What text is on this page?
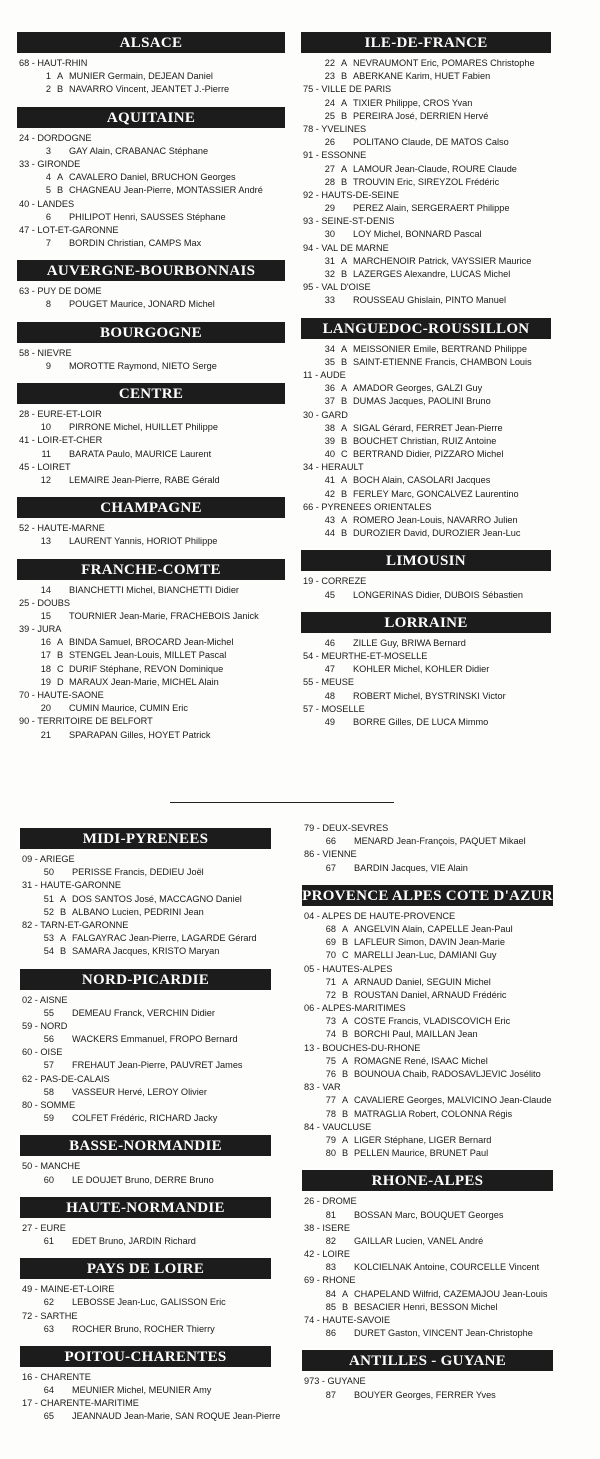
ALSACE
68 - HAUT-RHIN
1 A MUNIER Germain, DEJEAN Daniel
2 B NAVARRO Vincent, JEANTET J.-Pierre
AQUITAINE
24 - DORDOGNE
3 GAY Alain, CRABANAC Stéphane
33 - GIRONDE
4 A CAVALERO Daniel, BRUCHON Georges
5 B CHAGNEAU Jean-Pierre, MONTASSIER André
40 - LANDES
6 PHILIPOT Henri, SAUSSES Stéphane
47 - LOT-ET-GARONNE
7 BORDIN Christian, CAMPS Max
AUVERGNE-BOURBONNAIS
63 - PUY DE DOME
8 POUGET Maurice, JONARD Michel
BOURGOGNE
58 - NIEVRE
9 MOROTTE Raymond, NIETO Serge
CENTRE
28 - EURE-ET-LOIR
10 PIRRONE Michel, HUILLET Philippe
41 - LOIR-ET-CHER
11 BARATA Paulo, MAURICE Laurent
45 - LOIRET
12 LEMAIRE Jean-Pierre, RABE Gérald
CHAMPAGNE
52 - HAUTE-MARNE
13 LAURENT Yannis, HORIOT Philippe
FRANCHE-COMTE
14 BIANCHETTI Michel, BIANCHETTI Didier
25 - DOUBS
15 TOURNIER Jean-Marie, FRACHEBOIS Janick
39 - JURA
16 A BINDA Samuel, BROCARD Jean-Michel
17 B STENGEL Jean-Louis, MILLET Pascal
18 C DURIF Stéphane, REVON Dominique
19 D MARAUX Jean-Marie, MICHEL Alain
70 - HAUTE-SAONE
20 CUMIN Maurice, CUMIN Eric
90 - TERRITOIRE DE BELFORT
21 SPARAPAN Gilles, HOYET Patrick
ILE-DE-FRANCE
22 A NEVRAUMONT Eric, POMARES Christophe
23 B ABERKANE Karim, HUET Fabien
75 - VILLE DE PARIS
24 A TIXIER Philippe, CROS Yvan
25 B PEREIRA José, DERRIEN Hervé
78 - YVELINES
26 POLITANO Claude, DE MATOS Calso
91 - ESSONNE
27 A LAMOUR Jean-Claude, ROURE Claude
28 B TROUVIN Eric, SIREYZOL Frédéric
92 - HAUTS-DE-SEINE
29 PEREZ Alain, SERGERAERT Philippe
93 - SEINE-ST-DENIS
30 LOY Michel, BONNARD Pascal
94 - VAL DE MARNE
31 A MARCHENOIR Patrick, VAYSSIER Maurice
32 B LAZERGES Alexandre, LUCAS Michel
95 - VAL D'OISE
33 ROUSSEAU Ghislain, PINTO Manuel
LANGUEDOC-ROUSSILLON
34 A MEISSONIER Emile, BERTRAND Philippe
35 B SAINT-ETIENNE Francis, CHAMBON Louis
11 - AUDE
36 A AMADOR Georges, GALZI Guy
37 B DUMAS Jacques, PAOLINI Bruno
30 - GARD
38 A SIGAL Gérard, FERRET Jean-Pierre
39 B BOUCHET Christian, RUIZ Antoine
40 C BERTRAND Didier, PIZZARO Michel
34 - HERAULT
41 A BOCH Alain, CASOLARI Jacques
42 B FERLEY Marc, GONCALVEZ Laurentino
66 - PYRENEES ORIENTALES
43 A ROMERO Jean-Louis, NAVARRO Julien
44 B DUROZIER David, DUROZIER Jean-Luc
LIMOUSIN
19 - CORREZE
45 LONGERINAS Didier, DUBOIS Sébastien
LORRAINE
46 ZILLE Guy, BRIWA Bernard
54 - MEURTHE-ET-MOSELLE
47 KOHLER Michel, KOHLER Didier
55 - MEUSE
48 ROBERT Michel, BYSTRINSKI Victor
57 - MOSELLE
49 BORRE Gilles, DE LUCA Mimmo
MIDI-PYRENEES
09 - ARIEGE
50 PERISSE Francis, DEDIEU Joël
31 - HAUTE-GARONNE
51 A DOS SANTOS José, MACCAGNO Daniel
52 B ALBANO Lucien, PEDRINI Jean
82 - TARN-ET-GARONNE
53 A FALGAYRAC Jean-Pierre, LAGARDE Gérard
54 B SAMARA Jacques, KRISTO Maryan
NORD-PICARDIE
02 - AISNE
55 DEMEAU Franck, VERCHIN Didier
59 - NORD
56 WACKERS Emmanuel, FROPO Bernard
60 - OISE
57 FREHAUT Jean-Pierre, PAUVRET James
62 - PAS-DE-CALAIS
58 VASSEUR Hervé, LEROY Olivier
80 - SOMME
59 COLFET Frédéric, RICHARD Jacky
BASSE-NORMANDIE
50 - MANCHE
60 LE DOUJET Bruno, DERRE Bruno
HAUTE-NORMANDIE
27 - EURE
61 EDET Bruno, JARDIN Richard
PAYS DE LOIRE
49 - MAINE-ET-LOIRE
62 LEBOSSE Jean-Luc, GALISSON Eric
72 - SARTHE
63 ROCHER Bruno, ROCHER Thierry
POITOU-CHARENTES
16 - CHARENTE
64 MEUNIER Michel, MEUNIER Amy
17 - CHARENTE-MARITIME
65 JEANNAUD Jean-Marie, SAN ROQUE Jean-Pierre
79 - DEUX-SEVRES
66 MENARD Jean-François, PAQUET Mikael
86 - VIENNE
67 BARDIN Jacques, VIE Alain
PROVENCE ALPES COTE D'AZUR
04 - ALPES DE HAUTE-PROVENCE
68 A ANGELVIN Alain, CAPELLE Jean-Paul
69 B LAFLEUR Simon, DAVIN Jean-Marie
70 C MARELLI Jean-Luc, DAMIANI Guy
05 - HAUTES-ALPES
71 A ARNAUD Daniel, SEGUIN Michel
72 B ROUSTAN Daniel, ARNAUD Frédéric
06 - ALPES-MARITIMES
73 A COSTE Francis, VLADISCOVICH Eric
74 B BORCHI Paul, MAILLAN Jean
13 - BOUCHES-DU-RHONE
75 A ROMAGNE René, ISAAC Michel
76 B BOUNOUA Chaib, RADOSAVLJEVIC Josélito
83 - VAR
77 A CAVALIERE Georges, MALVICINO Jean-Claude
78 B MATRAGLIA Robert, COLONNA Régis
84 - VAUCLUSE
79 A LIGER Stéphane, LIGER Bernard
80 B PELLEN Maurice, BRUNET Paul
RHONE-ALPES
26 - DROME
81 BOSSAN Marc, BOUQUET Georges
38 - ISERE
82 GAILLAR Lucien, VANEL André
42 - LOIRE
83 KOLCIELNAK Antoine, COURCELLE Vincent
69 - RHONE
84 A CHAPELAND Wilfrid, CAZEMAJOU Jean-Louis
85 B BESACIER Henri, BESSON Michel
74 - HAUTE-SAVOIE
86 DURET Gaston, VINCENT Jean-Christophe
ANTILLES - GUYANE
973 - GUYANE
87 BOUYER Georges, FERRER Yves
